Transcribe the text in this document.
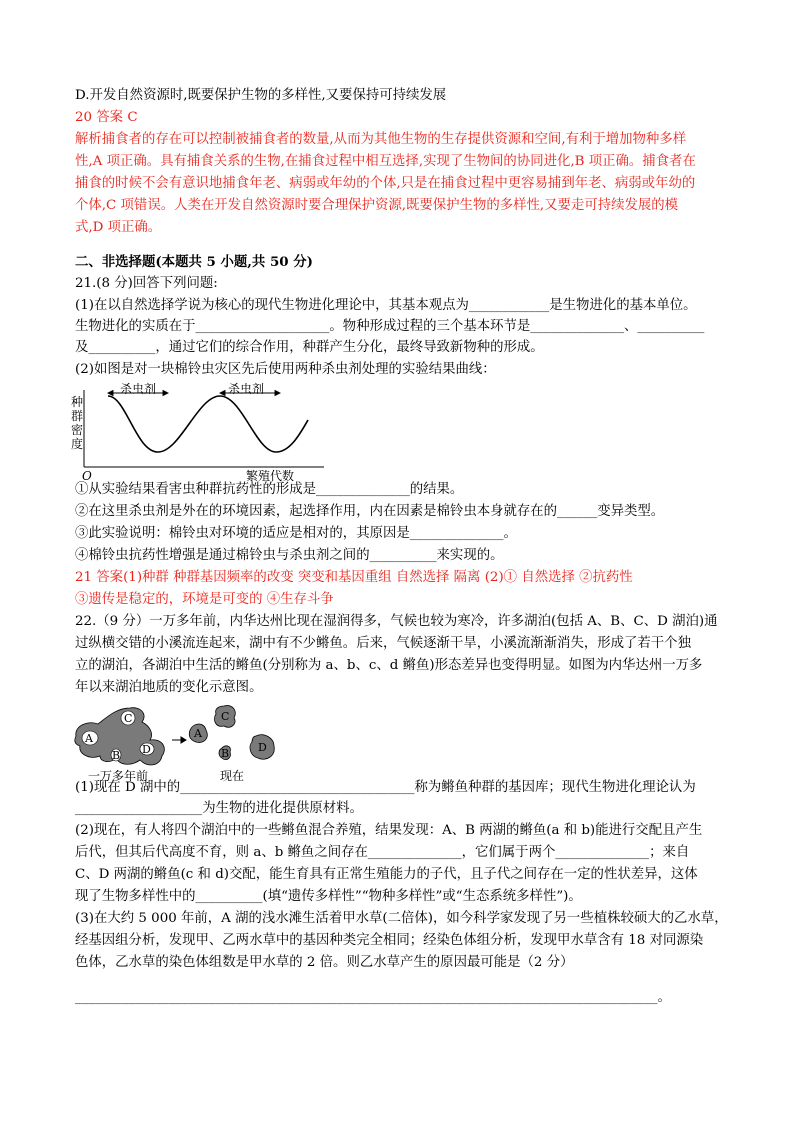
D.开发自然资源时,既要保护生物的多样性,又要保持可持续发展
20 答案 C
解析捕食者的存在可以控制被捕食者的数量,从而为其他生物的生存提供资源和空间,有利于增加物种多样
性,A 项正确。具有捕食关系的生物,在捕食过程中相互选择,实现了生物间的协同进化,B 项正确。捕食者在
捕食的时候不会有意识地捕食年老、病弱或年幼的个体,只是在捕食过程中更容易捕到年老、病弱或年幼的
个体,C 项错误。人类在开发自然资源时要合理保护资源,既要保护生物的多样性,又要走可持续发展的模
式,D 项正确。
二、非选择题(本题共 5 小题,共 50 分)
21.(8 分)回答下列问题:
(1)在以自然选择学说为核心的现代生物进化理论中，其基本观点为____________是生物进化的基本单位。
生物进化的实质在于____________________。物种形成过程的三个基本环节是______________、__________
及__________，通过它们的综合作用，种群产生分化，最终导致新物种的形成。
(2)如图是对一块棉铃虫灾区先后使用两种杀虫剂处理的实验结果曲线：
①从实验结果看害虫种群抗药性的形成是______________的结果。
②在这里杀虫剂是外在的环境因素，起选择作用，内在因素是棉铃虫本身就存在的______变异类型。
③此实验说明：棉铃虫对环境的适应是相对的，其原因是______________。
④棉铃虫抗药性增强是通过棉铃虫与杀虫剂之间的__________来实现的。
21 答案(1)种群 种群基因频率的改变 突变和基因重组 自然选择 隔离 (2)① 自然选择 ②抗药性
③遗传是稳定的，环境是可变的 ④生存斗争
22.（9 分）一万多年前，内华达州比现在湿润得多，气候也较为寒冷，许多湖泊(包括 A、B、C、D 湖泊)通
过纵横交错的小溪流连起来，湖中有不少鳉鱼。后来，气候逐渐干旱，小溪流渐渐消失，形成了若干个独
立的湖泊，各湖泊中生活的鳉鱼(分别称为 a、b、c、d 鳉鱼)形态差异也变得明显。如图为内华达州一万多
年以来湖泊地质的变化示意图。
(1)现在 D 湖中的___________________________________称为鳉鱼种群的基因库；现代生物进化理论认为
___________________为生物的进化提供原材料。
(2)现在，有人将四个湖泊中的一些鳉鱼混合养殖，结果发现：A、B 两湖的鳉鱼(a 和 b)能进行交配且产生
后代，但其后代高度不育，则 a、b 鳉鱼之间存在______________，它们属于两个______________；来自
C、D 两湖的鳉鱼(c 和 d)交配，能生育具有正常生殖能力的子代，且子代之间存在一定的性状差异，这体
现了生物多样性中的__________(填“遗传多样性”“物种多样性”或“生态系统多样性”)。
(3)在大约 5 000 年前，A 湖的浅水滩生活着甲水草(二倍体)，如今科学家发现了另一些植株较硕大的乙水草，
经基因组分析，发现甲、乙两水草中的基因种类完全相同；经染色体组分析，发现甲水草含有 18 对同源染
色体，乙水草的染色体组数是甲水草的 2 倍。则乙水草产生的原因最可能是（2 分）
_______________________________________________________________________________________。
种
群
密
度
O	繁殖代数
杀虫剂	杀虫剂
A
B
C
D
A
B
C
D
一万多年前	现在
